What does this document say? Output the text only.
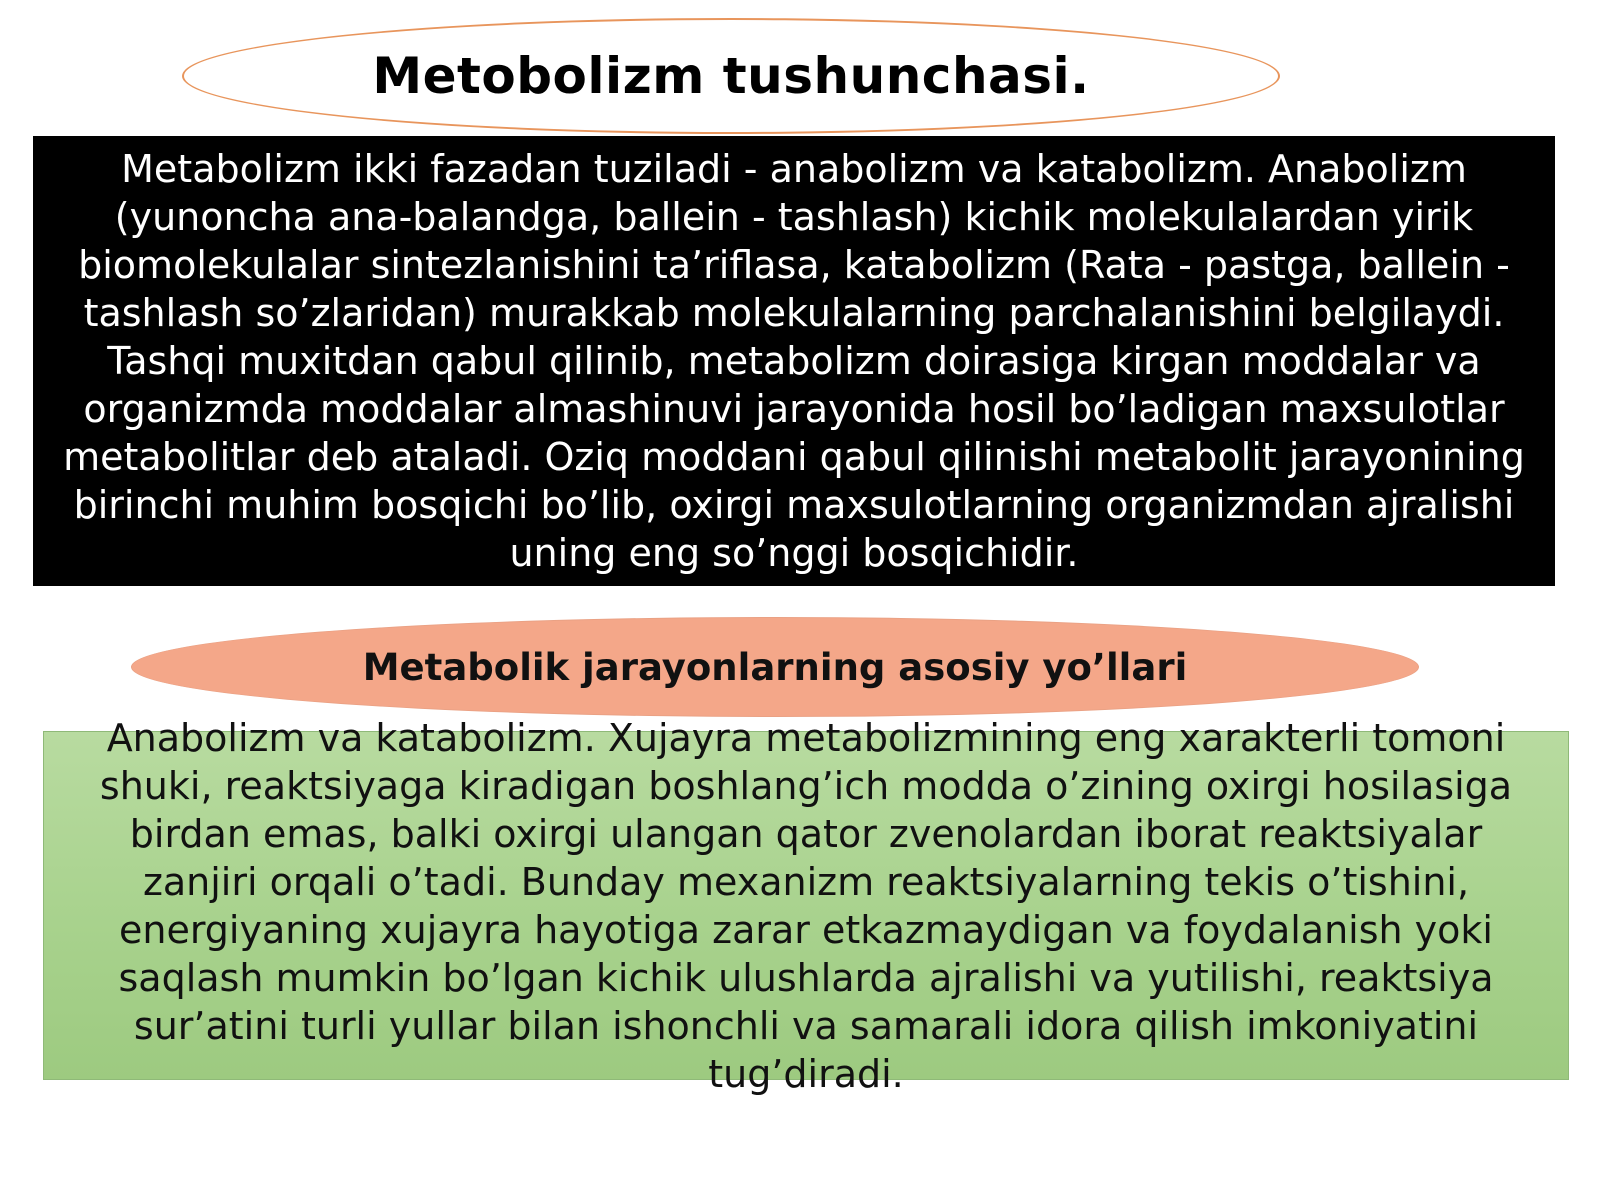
Metobolizm tushunchasi.

Metabolizm ikki fazadan tuziladi - anabolizm va katabolizm. Anabolizm (yunoncha ana-balandga, ballein - tashlash) kichik molekulalardan yirik biomolekulalar sintezlanishini ta’riflasa, katabolizm (Rata - pastga, ballein - tashlash so’zlaridan) murakkab molekulalarning parchalanishini belgilaydi. Tashqi muxitdan qabul qilinib, metabolizm doirasiga kirgan moddalar va organizmda moddalar almashinuvi jarayonida hosil bo’ladigan maxsulotlar metabolitlar deb ataladi. Oziq moddani qabul qilinishi metabolit jarayonining birinchi muhim bosqichi bo’lib, oxirgi maxsulotlarning organizmdan ajralishi uning eng so’nggi bosqichidir.

Metabolik jarayonlarning asosiy yo’llari

Anabolizm va katabolizm. Xujayra metabolizmining eng xarakterli tomoni shuki, reaktsiyaga kiradigan boshlang’ich modda o’zining oxirgi hosilasiga birdan emas, balki oxirgi ulangan qator zvenolardan iborat reaktsiyalar zanjiri orqali o’tadi. Bunday mexanizm reaktsiyalarning tekis o’tishini, energiyaning xujayra hayotiga zarar etkazmaydigan va foydalanish yoki saqlash mumkin bo’lgan kichik ulushlarda ajralishi va yutilishi, reaktsiya sur’atini turli yullar bilan ishonchli va samarali idora qilish imkoniyatini tug’diradi.
